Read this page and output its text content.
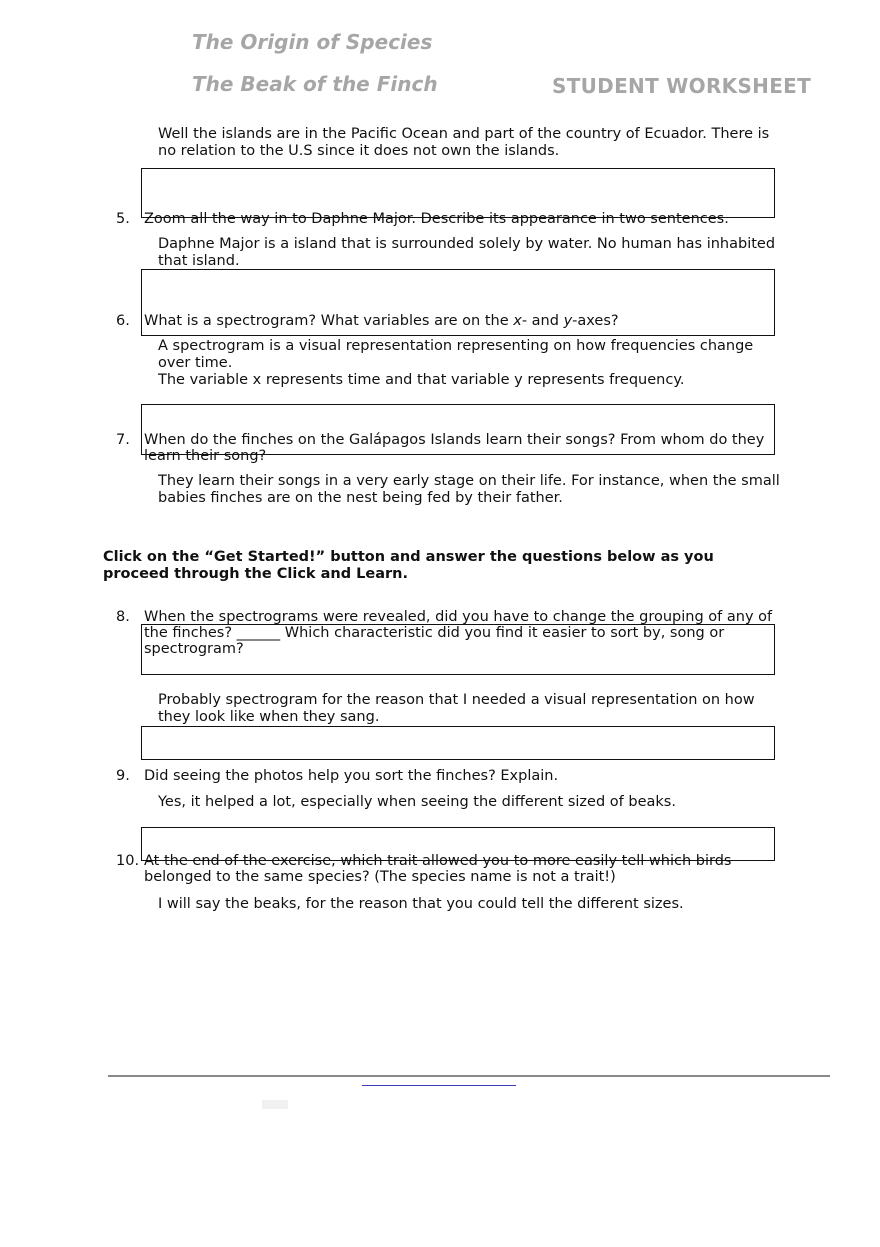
The Origin of Species
The Beak of the Finch	STUDENT WORKSHEET
Well the islands are in the Pacific Ocean and part of the country of Ecuador. There is
no relation to the U.S since it does not own the islands.
5. Zoom all the way in to Daphne Major. Describe its appearance in two sentences.
Daphne Major is a island that is surrounded solely by water. No human has inhabited
that island.
6. What is a spectrogram? What variables are on the x- and y-axes?
A spectrogram is a visual representation representing on how frequencies change
over time.
The variable x represents time and that variable y represents frequency.
7. When do the finches on the Galápagos Islands learn their songs? From whom do they
learn their song?
They learn their songs in a very early stage on their life. For instance, when the small
babies finches are on the nest being fed by their father.
Click on the “Get Started!” button and answer the questions below as you
proceed through the Click and Learn.
8. When the spectrograms were revealed, did you have to change the grouping of any of
the finches? ______ Which characteristic did you find it easier to sort by, song or
spectrogram?
Probably spectrogram for the reason that I needed a visual representation on how
they look like when they sang.
9. Did seeing the photos help you sort the finches? Explain.
Yes, it helped a lot, especially when seeing the different sized of beaks.
10. At the end of the exercise, which trait allowed you to more easily tell which birds
belonged to the same species? (The species name is not a trait!)
I will say the beaks, for the reason that you could tell the different sizes.
